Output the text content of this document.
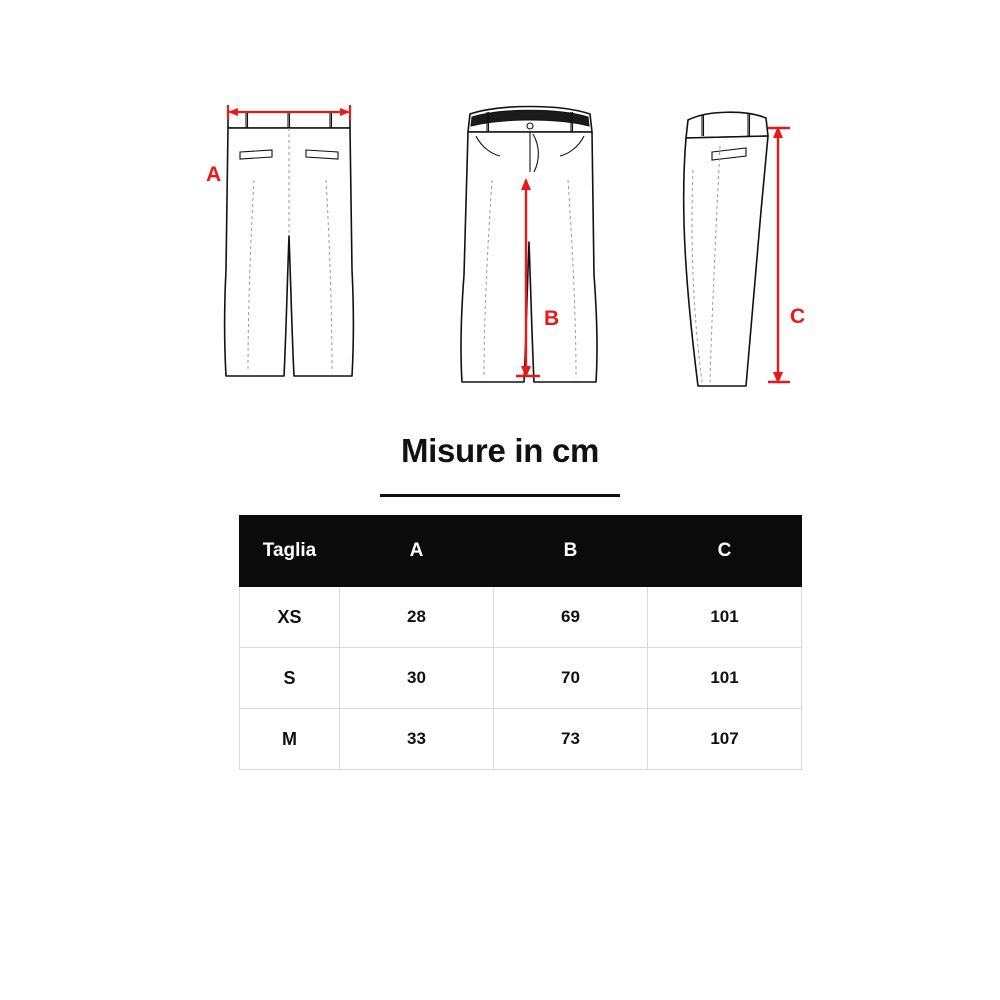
A
B	C
Misure in cm
Taglia	A	B	C
XS	28	69	101
S	30	70	101
M	33	73	107
